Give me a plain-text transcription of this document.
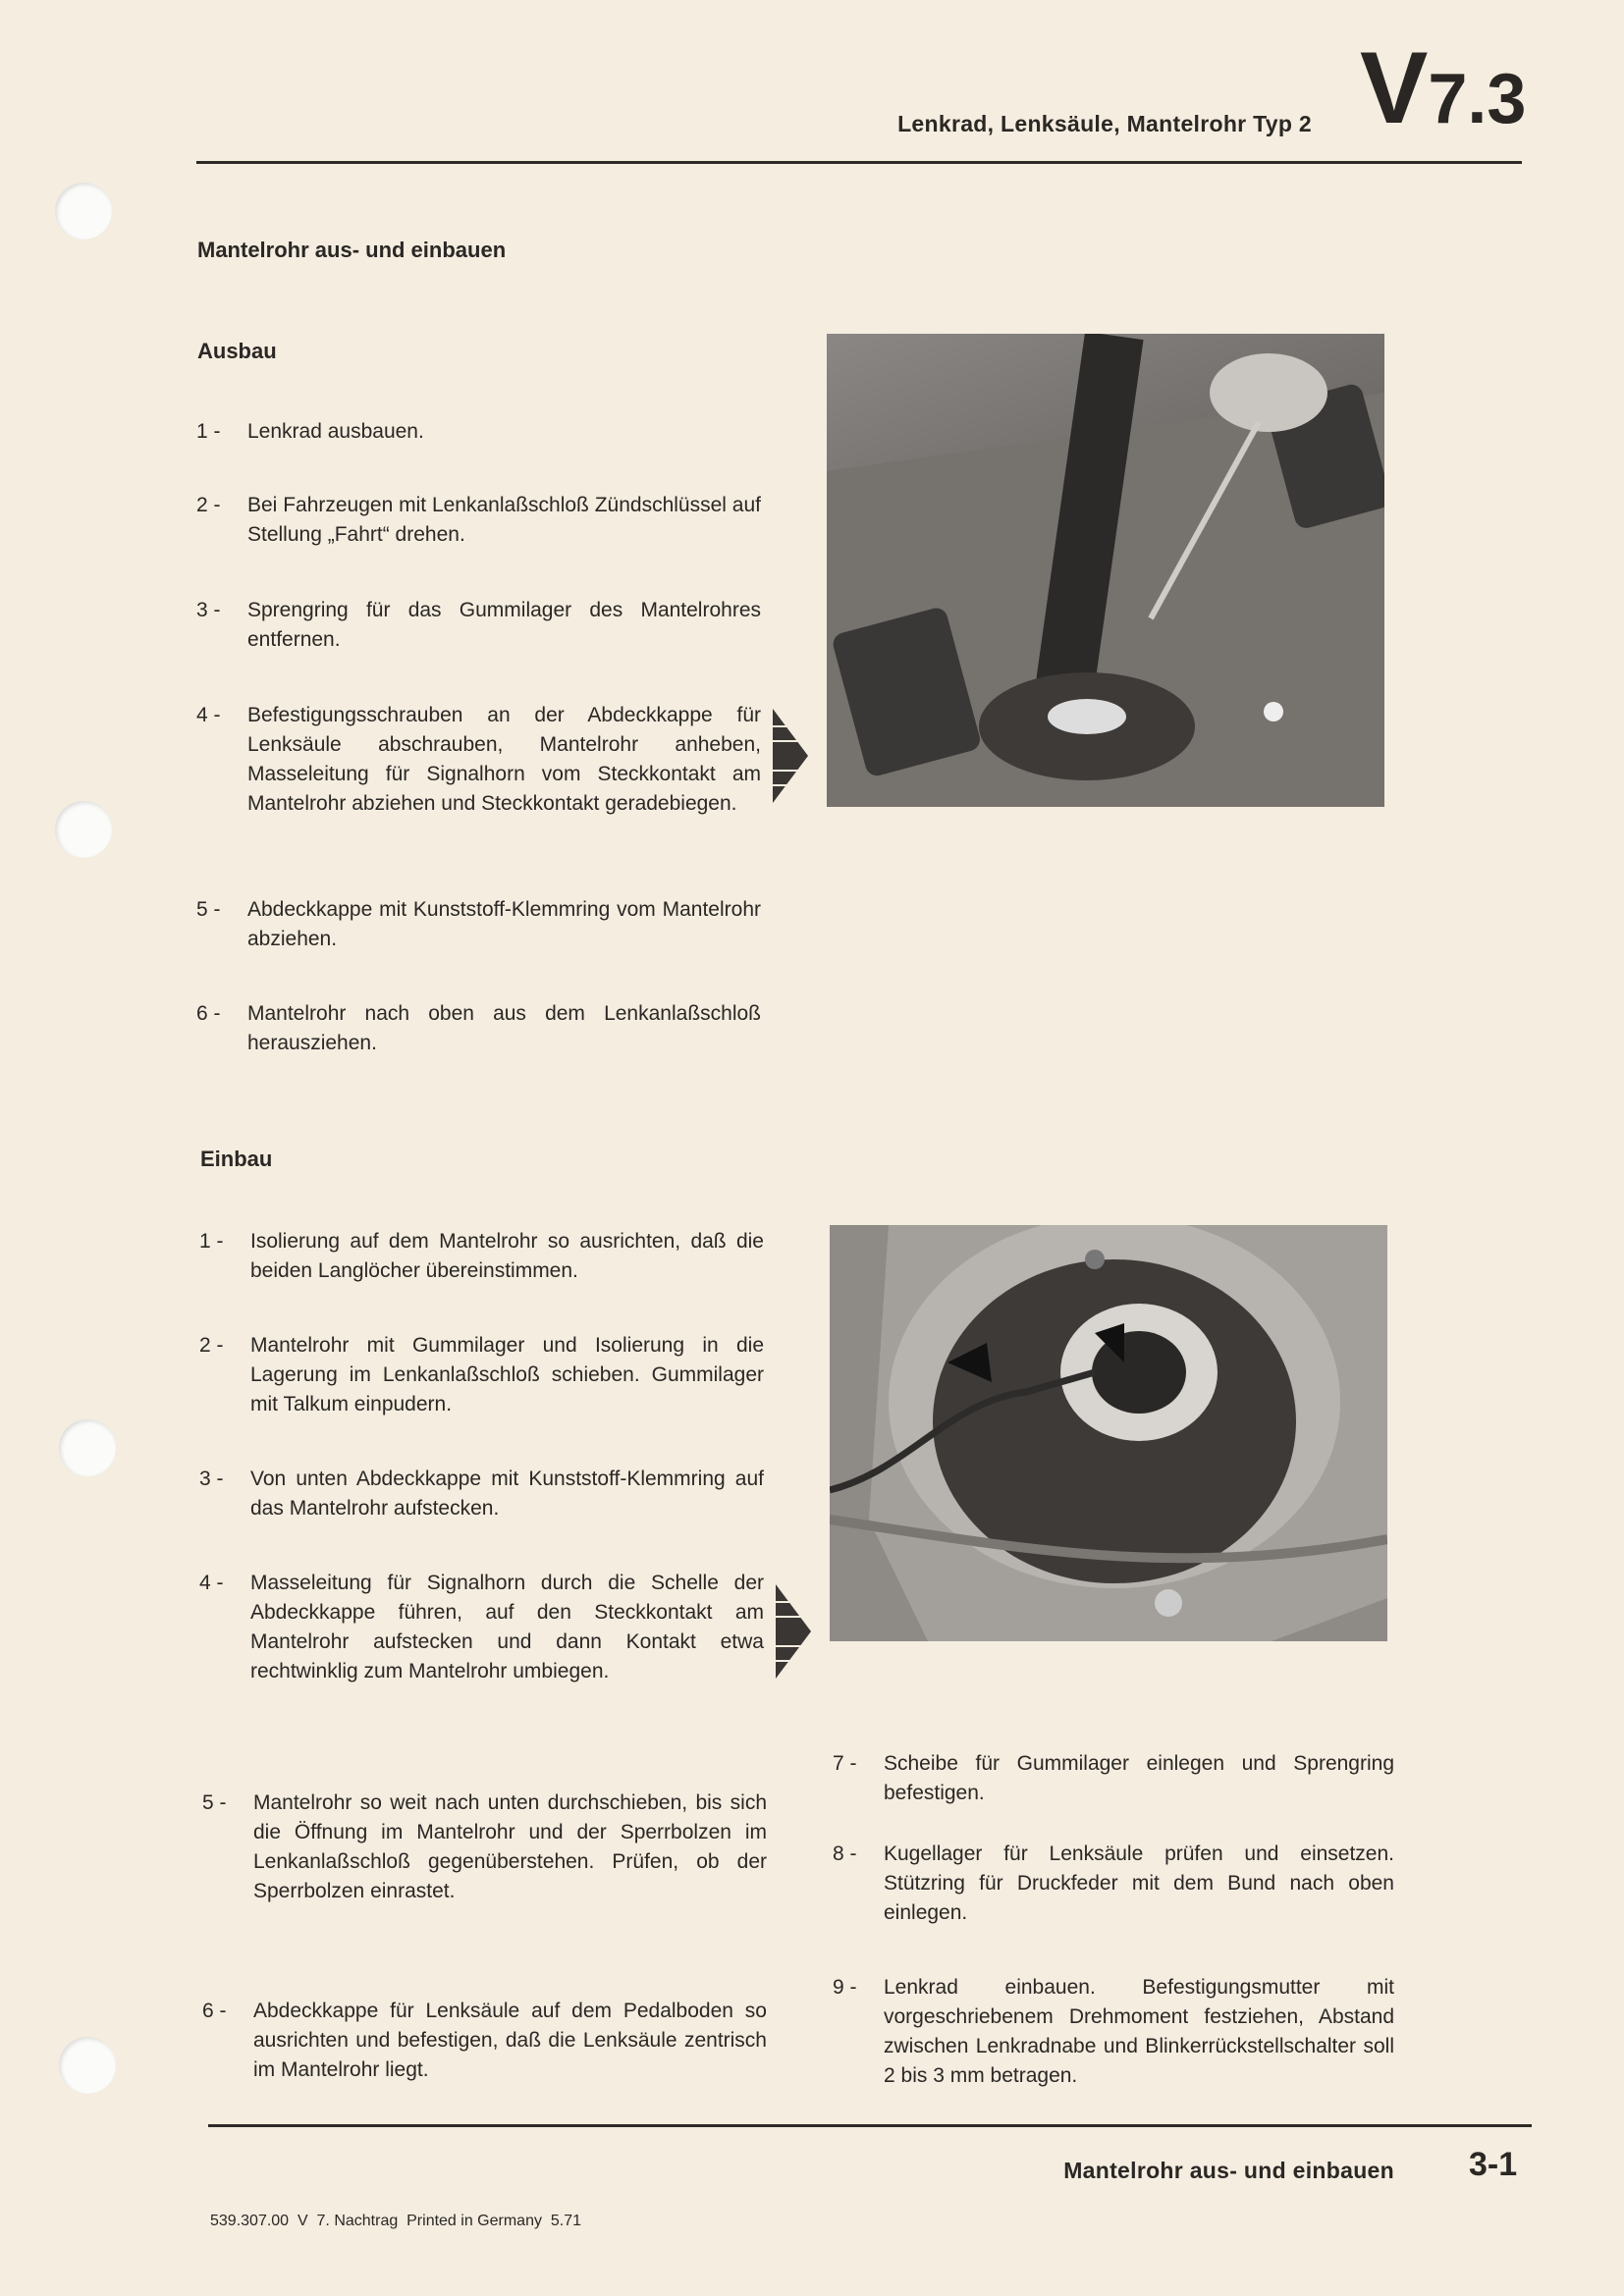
Lenkrad, Lenksäule, Mantelrohr Typ 2 V7.3
Mantelrohr aus- und einbauen
Ausbau
1 -	Lenkrad ausbauen.
2 -	Bei Fahrzeugen mit Lenkanlaßschloß Zündschlüssel auf Stellung „Fahrt“ drehen.
3 -	Sprengring für das Gummilager des Mantelrohres entfernen.
4 -	Befestigungsschrauben an der Abdeckkappe für Lenksäule abschrauben, Mantelrohr anheben, Masseleitung für Signalhorn vom Steckkontakt am Mantelrohr abziehen und Steckkontakt geradebiegen.
5 -	Abdeckkappe mit Kunststoff-Klemmring vom Mantelrohr abziehen.
6 -	Mantelrohr nach oben aus dem Lenkanlaßschloß herausziehen.
Einbau
1 -	Isolierung auf dem Mantelrohr so ausrichten, daß die beiden Langlöcher übereinstimmen.
2 -	Mantelrohr mit Gummilager und Isolierung in die Lagerung im Lenkanlaßschloß schieben. Gummilager mit Talkum einpudern.
3 -	Von unten Abdeckkappe mit Kunststoff-Klemmring auf das Mantelrohr aufstecken.
4 -	Masseleitung für Signalhorn durch die Schelle der Abdeckkappe führen, auf den Steckkontakt am Mantelrohr aufstecken und dann Kontakt etwa rechtwinklig zum Mantelrohr umbiegen.
5 -	Mantelrohr so weit nach unten durchschieben, bis sich die Öffnung im Mantelrohr und der Sperrbolzen im Lenkanlaßschloß gegenüberstehen. Prüfen, ob der Sperrbolzen einrastet.
6 -	Abdeckkappe für Lenksäule auf dem Pedalboden so ausrichten und befestigen, daß die Lenksäule zentrisch im Mantelrohr liegt.
7 -	Scheibe für Gummilager einlegen und Sprengring befestigen.
8 -	Kugellager für Lenksäule prüfen und einsetzen. Stützring für Druckfeder mit dem Bund nach oben einlegen.
9 -	Lenkrad einbauen. Befestigungsmutter mit vorgeschriebenem Drehmoment festziehen, Abstand zwischen Lenkradnabe und Blinkerrückstellschalter soll 2 bis 3 mm betragen.
Mantelrohr aus- und einbauen 3-1
539.307.00  V  7. Nachtrag  Printed in Germany  5.71
